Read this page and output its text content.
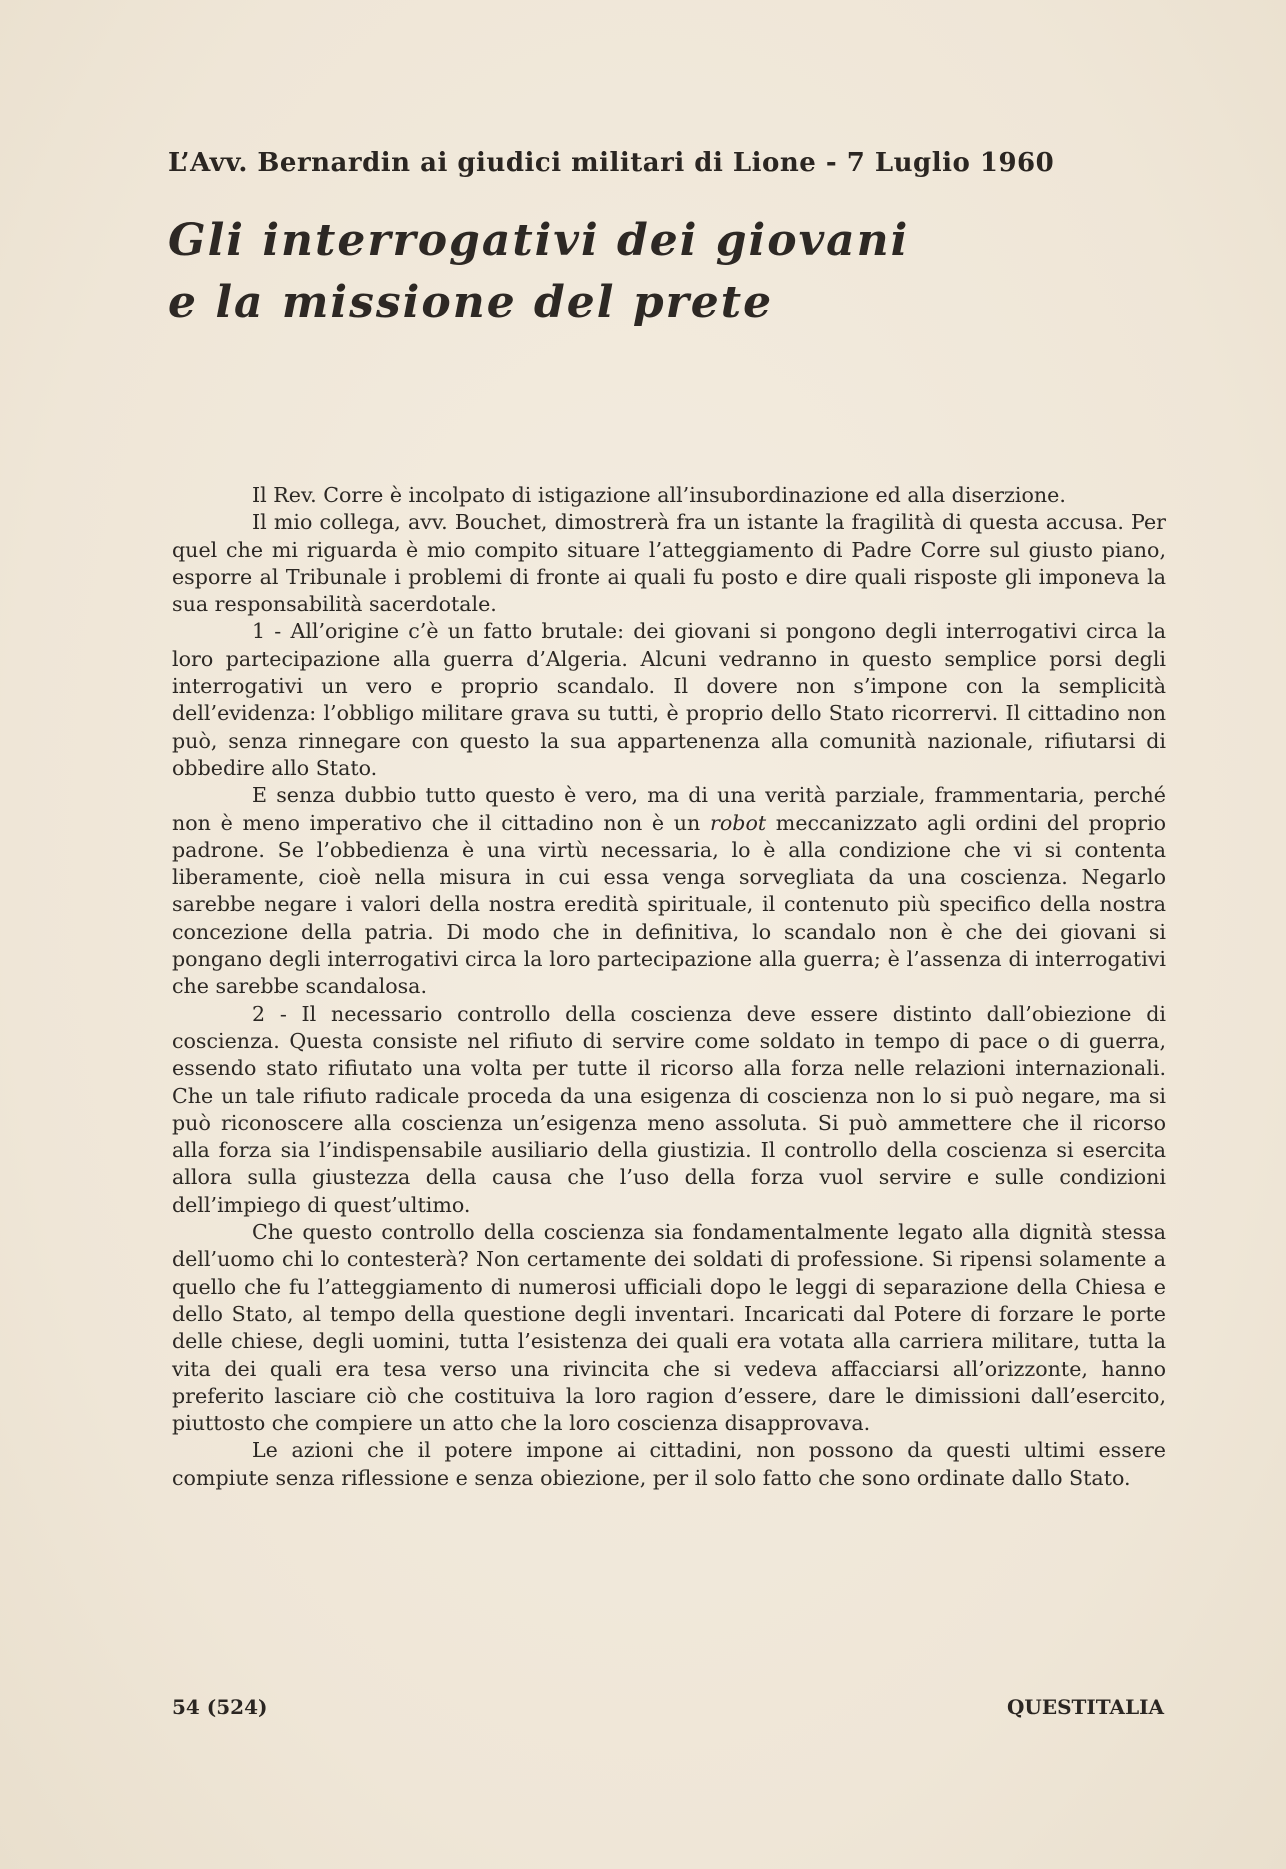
L’Avv. Bernardin ai giudici militari di Lione - 7 Luglio 1960
Gli interrogativi dei giovani
e la missione del prete

Il Rev. Corre è incolpato di istigazione all’insubordinazione ed alla diserzione.

Il mio collega, avv. Bouchet, dimostrerà fra un istante la fragilità di questa accusa. Per quel che mi riguarda è mio compito situare l’atteggiamento di Padre Corre sul giusto piano, esporre al Tribunale i problemi di fronte ai quali fu posto e dire quali risposte gli imponeva la sua responsabilità sacerdotale.

1 - All’origine c’è un fatto brutale: dei giovani si pongono degli interrogativi circa la loro partecipazione alla guerra d’Algeria. Alcuni vedranno in questo semplice porsi degli interrogativi un vero e proprio scandalo. Il dovere non s’impone con la semplicità dell’evidenza: l’obbligo militare grava su tutti, è proprio dello Stato ricorrervi. Il cittadino non può, senza rinnegare con questo la sua appartenenza alla comunità nazionale, rifiutarsi di obbedire allo Stato.

E senza dubbio tutto questo è vero, ma di una verità parziale, frammentaria, perché non è meno imperativo che il cittadino non è un robot meccanizzato agli ordini del proprio padrone. Se l’obbedienza è una virtù necessaria, lo è alla condizione che vi si contenta liberamente, cioè nella misura in cui essa venga sorvegliata da una coscienza. Negarlo sarebbe negare i valori della nostra eredità spirituale, il contenuto più specifico della nostra concezione della patria. Di modo che in definitiva, lo scandalo non è che dei giovani si pongano degli interrogativi circa la loro partecipazione alla guerra; è l’assenza di interrogativi che sarebbe scandalosa.

2 - Il necessario controllo della coscienza deve essere distinto dall’obiezione di coscienza. Questa consiste nel rifiuto di servire come soldato in tempo di pace o di guerra, essendo stato rifiutato una volta per tutte il ricorso alla forza nelle relazioni internazionali. Che un tale rifiuto radicale proceda da una esigenza di coscienza non lo si può negare, ma si può riconoscere alla coscienza un’esigenza meno assoluta. Si può ammettere che il ricorso alla forza sia l’indispensabile ausiliario della giustizia. Il controllo della coscienza si esercita allora sulla giustezza della causa che l’uso della forza vuol servire e sulle condizioni dell’impiego di quest’ultimo.

Che questo controllo della coscienza sia fondamentalmente legato alla dignità stessa dell’uomo chi lo contesterà? Non certamente dei soldati di professione. Si ripensi solamente a quello che fu l’atteggiamento di numerosi ufficiali dopo le leggi di separazione della Chiesa e dello Stato, al tempo della questione degli inventari. Incaricati dal Potere di forzare le porte delle chiese, degli uomini, tutta l’esistenza dei quali era votata alla carriera militare, tutta la vita dei quali era tesa verso una rivincita che si vedeva affacciarsi all’orizzonte, hanno preferito lasciare ciò che costituiva la loro ragion d’essere, dare le dimissioni dall’esercito, piuttosto che compiere un atto che la loro coscienza disapprovava.

Le azioni che il potere impone ai cittadini, non possono da questi ultimi essere compiute senza riflessione e senza obiezione, per il solo fatto che sono ordinate dallo Stato.

54 (524)	QUESTITALIA
